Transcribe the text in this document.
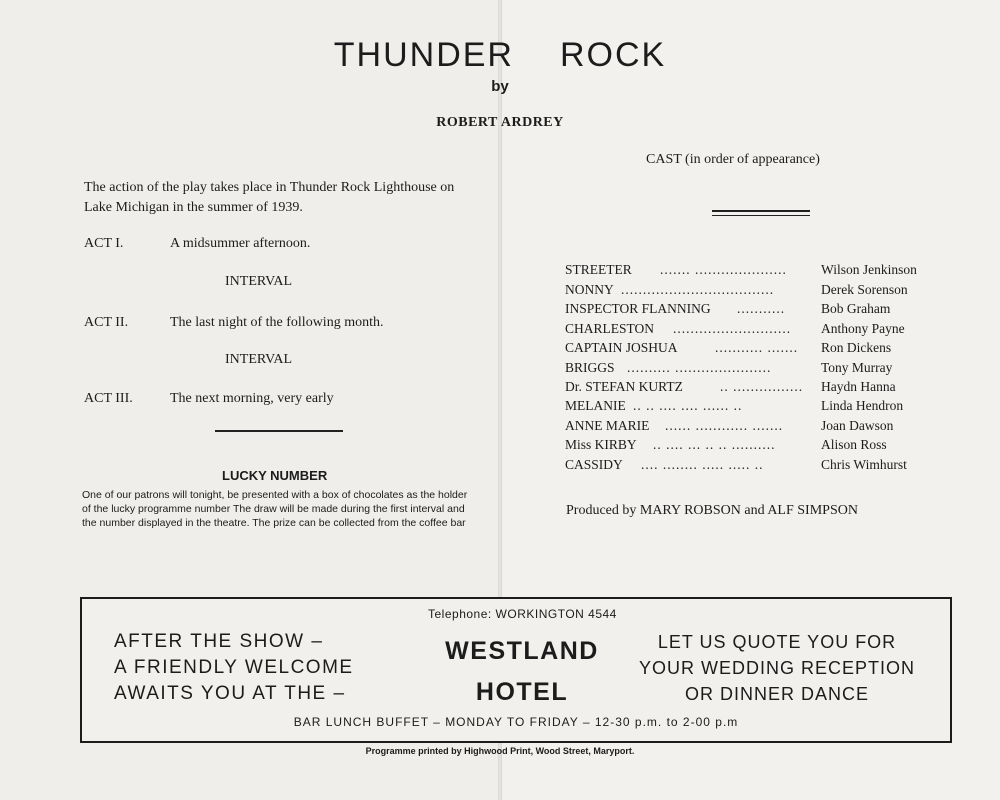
THUNDER ROCK
by
ROBERT ARDREY
The action of the play takes place in Thunder Rock Lighthouse on Lake Michigan in the summer of 1939.
ACT I.	A midsummer afternoon.
INTERVAL
ACT II.	The last night of the following month.
INTERVAL
ACT III.	The next morning, very early
LUCKY NUMBER
One of our patrons will tonight, be presented with a box of chocolates as the holder of the lucky programme number The draw will be made during the first interval and the number displayed in the theatre. The prize can be collected from the coffee bar
CAST (in order of appearance)
STREETER ....... .....................	Wilson Jenkinson
NONNY ...................................	Derek Sorenson
INSPECTOR FLANNING ...........	Bob Graham
CHARLESTON ........................... Anthony Payne
CAPTAIN JOSHUA	........... ....... Ron Dickens
BRIGGS .......... ......................	Tony Murray
Dr. STEFAN KURTZ	.. ................ Haydn Hanna
MELANIE .. .. .... .... ...... ..	Linda Hendron
ANNE MARIE ...... ............ .......	Joan Dawson
Miss KIRBY .. .... ... .. .. ..........	Alison Ross
CASSIDY .... ........ ..... ..... ..	Chris Wimhurst
Produced by MARY ROBSON and ALF SIMPSON
Telephone: WORKINGTON 4544
AFTER THE SHOW –
A FRIENDLY WELCOME
AWAITS YOU AT THE –
WESTLAND
HOTEL
LET US QUOTE YOU FOR
YOUR WEDDING RECEPTION
OR DINNER DANCE
BAR LUNCH BUFFET – MONDAY TO FRIDAY – 12-30 p.m. to 2-00 p.m
Programme printed by Highwood Print, Wood Street, Maryport.
